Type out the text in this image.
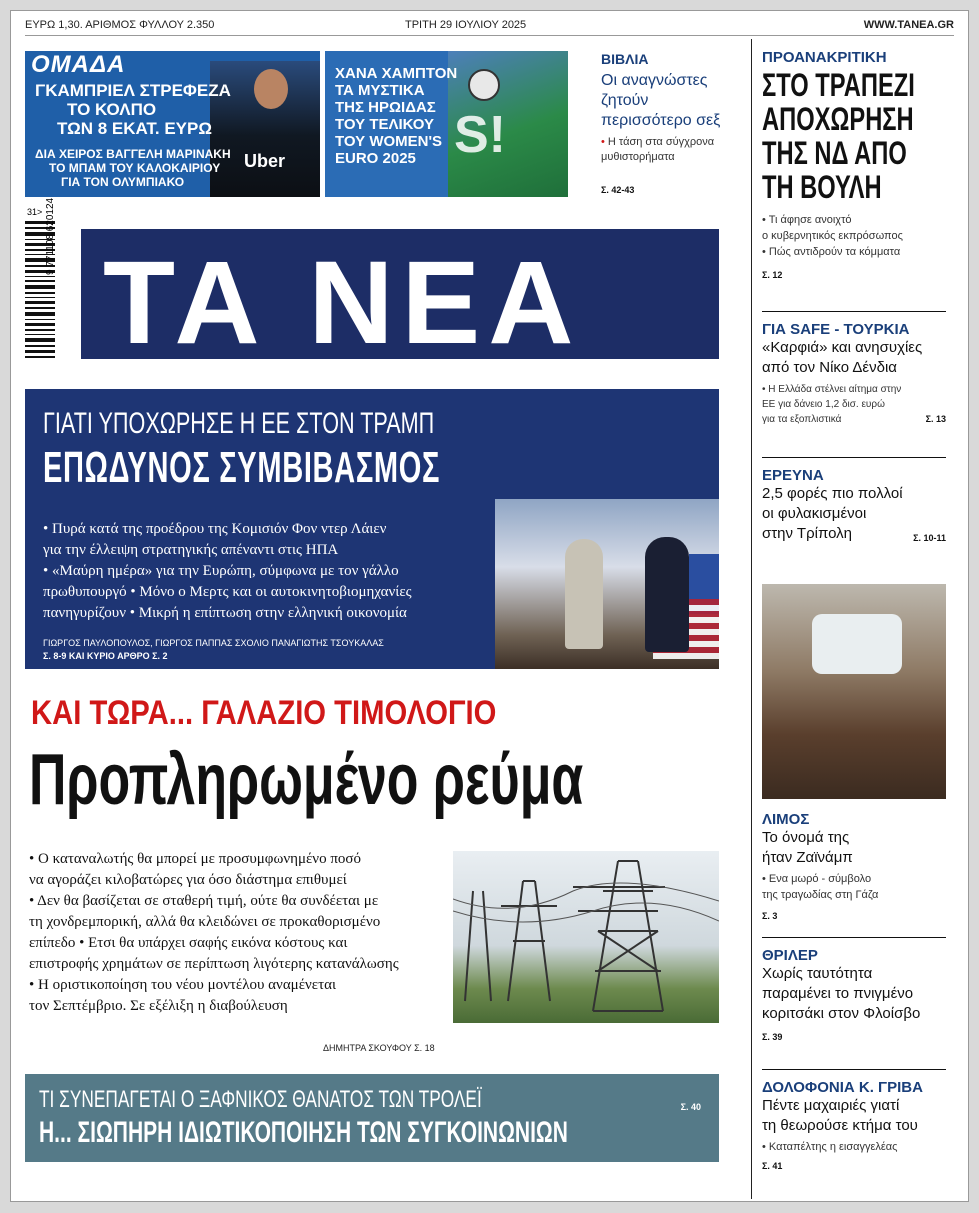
ΕΥΡΩ 1,30. ΑΡΙΘΜΟΣ ΦΥΛΛΟΥ 2.350	ΤΡΙΤΗ 29 ΙΟΥΛΙΟΥ 2025	WWW.TANEA.GR
ΟΜΑΔΑ
Uber
ΓΚΑΜΠΡΙΕΛ ΣΤΡΕΦΕΖΑ
ΤΟ ΚΟΛΠΟ
ΤΩΝ 8 ΕΚΑΤ. ΕΥΡΩ
ΔΙΑ ΧΕΙΡΟΣ ΒΑΓΓΕΛΗ ΜΑΡΙΝΑΚΗ
ΤΟ ΜΠΑΜ ΤΟΥ ΚΑΛΟΚΑΙΡΙΟΥ
ΓΙΑ ΤΟΝ ΟΛΥΜΠΙΑΚΟ
S!
ΧΑΝΑ ΧΑΜΠΤΟΝ
ΤΑ ΜΥΣΤΙΚΑ
ΤΗΣ ΗΡΩΙΔΑΣ
ΤΟΥ ΤΕΛΙΚΟΥ
ΤΟΥ WOMEN'S
EURO 2025
ΒΙΒΛΙΑ
Οι αναγνώστες
ζητούν
περισσότερο σεξ
• Η τάση στα σύγχρονα
μυθιστορήματα
Σ. 42-43
31> 9 771108 620124
ΤΑ ΝΕΑ
ΓΙΑΤΙ ΥΠΟΧΩΡΗΣΕ Η ΕΕ ΣΤΟΝ ΤΡΑΜΠ
ΕΠΩΔΥΝΟΣ ΣΥΜΒΙΒΑΣΜΟΣ
• Πυρά κατά της προέδρου της Κομισιόν Φον ντερ Λάιεν
για την έλλειψη στρατηγικής απέναντι στις ΗΠΑ
• «Μαύρη ημέρα» για την Ευρώπη, σύμφωνα με τον γάλλο
πρωθυπουργό • Μόνο ο Μερτς και οι αυτοκινητοβιομηχανίες
πανηγυρίζουν • Μικρή η επίπτωση στην ελληνική οικονομία
ΓΙΩΡΓΟΣ ΠΑΥΛΟΠΟΥΛΟΣ, ΓΙΩΡΓΟΣ ΠΑΠΠΑΣ ΣΧΟΛΙΟ ΠΑΝΑΓΙΩΤΗΣ ΤΣΟΥΚΑΛΑΣ
Σ. 8-9 ΚΑΙ ΚΥΡΙΟ ΑΡΘΡΟ Σ. 2
ΚΑΙ ΤΩΡΑ... ΓΑΛΑΖΙΟ ΤΙΜΟΛΟΓΙΟ
Προπληρωμένο ρεύμα
• Ο καταναλωτής θα μπορεί με προσυμφωνημένο ποσό
να αγοράζει κιλοβατώρες για όσο διάστημα επιθυμεί
• Δεν θα βασίζεται σε σταθερή τιμή, ούτε θα συνδέεται με
τη χονδρεμπορική, αλλά θα κλειδώνει σε προκαθορισμένο
επίπεδο • Ετσι θα υπάρχει σαφής εικόνα κόστους και
επιστροφής χρημάτων σε περίπτωση λιγότερης κατανάλωσης
• Η οριστικοποίηση του νέου μοντέλου αναμένεται
τον Σεπτέμβριο. Σε εξέλιξη η διαβούλευση
ΔΗΜΗΤΡΑ ΣΚΟΥΦΟΥ Σ. 18
ΤΙ ΣΥΝΕΠΑΓΕΤΑΙ Ο ΞΑΦΝΙΚΟΣ ΘΑΝΑΤΟΣ ΤΩΝ ΤΡΟΛΕΪ
Η... ΣΙΩΠΗΡΗ ΙΔΙΩΤΙΚΟΠΟΙΗΣΗ ΤΩΝ ΣΥΓΚΟΙΝΩΝΙΩΝ
Σ. 40
ΠΡΟΑΝΑΚΡΙΤΙΚΗ
ΣΤΟ ΤΡΑΠΕΖΙ
ΑΠΟΧΩΡΗΣΗ
ΤΗΣ ΝΔ ΑΠΟ
ΤΗ ΒΟΥΛΗ
• Τι άφησε ανοιχτό
ο κυβερνητικός εκπρόσωπος
• Πώς αντιδρούν τα κόμματα
Σ. 12
ΓΙΑ SAFE - ΤΟΥΡΚΙΑ
«Καρφιά» και ανησυχίες
από τον Νίκο Δένδια
• Η Ελλάδα στέλνει αίτημα στην
ΕΕ για δάνειο 1,2 δισ. ευρώ
για τα εξοπλιστικά	Σ. 13
ΕΡΕΥΝΑ
2,5 φορές πιο πολλοί
οι φυλακισμένοι
στην Τρίπολη	Σ. 10-11
ΛΙΜΟΣ
Το όνομά της
ήταν Ζαϊνάμπ
• Ενα μωρό - σύμβολο
της τραγωδίας στη Γάζα
Σ. 3
ΘΡΙΛΕΡ
Χωρίς ταυτότητα
παραμένει το πνιγμένο
κοριτσάκι στον Φλοίσβο
Σ. 39
ΔΟΛΟΦΟΝΙΑ Κ. ΓΡΙΒΑ
Πέντε μαχαιριές γιατί
τη θεωρούσε κτήμα του
• Καταπέλτης η εισαγγελέας
Σ. 41
